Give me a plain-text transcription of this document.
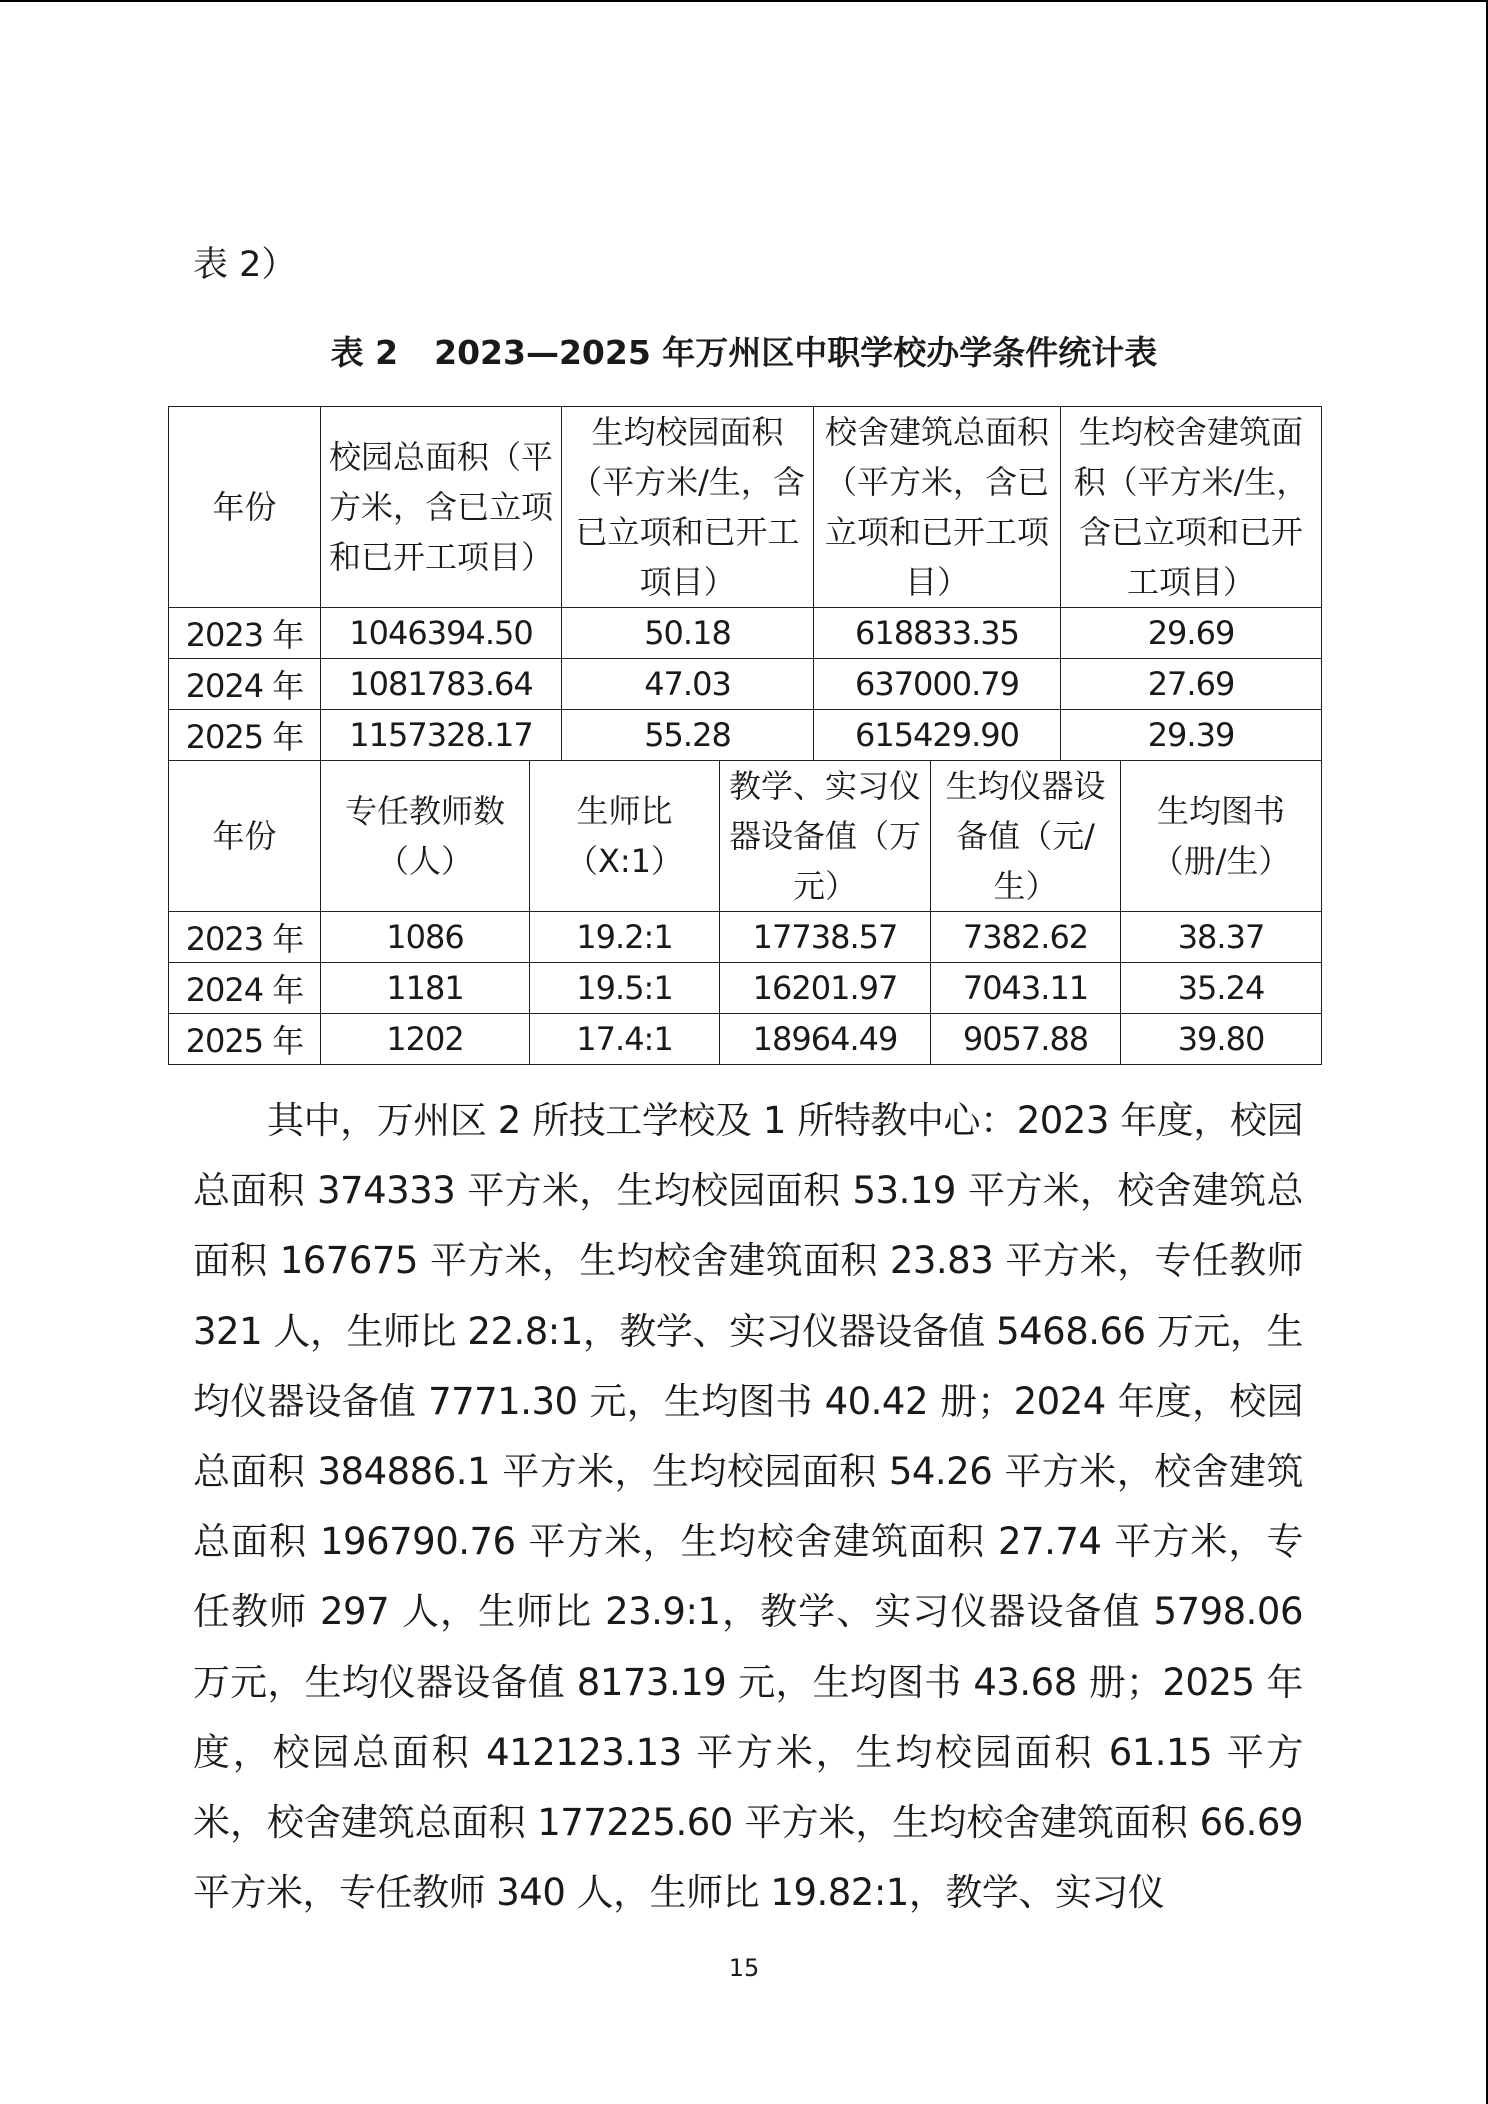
表 2）
表 2 2023—2025 年万州区中职学校办学条件统计表
年份	校园总面积（平方米，含已立项和已开工项目）	生均校园面积（平方米/生，含已立项和已开工项目）	校舍建筑总面积（平方米，含已立项和已开工项目）	生均校舍建筑面积（平方米/生，含已立项和已开工项目）
2023 年	1046394.50	50.18	618833.35	29.69
2024 年	1081783.64	47.03	637000.79	27.69
2025 年	1157328.17	55.28	615429.90	29.39
年份	专任教师数（人）	生师比（X:1）	教学、实习仪器设备值（万元）	生均仪器设备值（元/生）	生均图书（册/生）
2023 年	1086	19.2:1	17738.57	7382.62	38.37
2024 年	1181	19.5:1	16201.97	7043.11	35.24
2025 年	1202	17.4:1	18964.49	9057.88	39.80
其中，万州区 2 所技工学校及 1 所特教中心：2023 年度，校园总面积 374333 平方米，生均校园面积 53.19 平方米，校舍建筑总面积 167675 平方米，生均校舍建筑面积 23.83 平方米，专任教师 321 人，生师比 22.8:1，教学、实习仪器设备值 5468.66 万元，生均仪器设备值 7771.30 元，生均图书 40.42 册；2024 年度，校园总面积 384886.1 平方米，生均校园面积 54.26 平方米，校舍建筑总面积 196790.76 平方米，生均校舍建筑面积 27.74 平方米，专任教师 297 人，生师比 23.9:1，教学、实习仪器设备值 5798.06 万元，生均仪器设备值 8173.19 元，生均图书 43.68 册；2025 年度，校园总面积 412123.13 平方米，生均校园面积 61.15 平方米，校舍建筑总面积 177225.60 平方米，生均校舍建筑面积 66.69 平方米，专任教师 340 人，生师比 19.82:1，教学、实习仪
15
